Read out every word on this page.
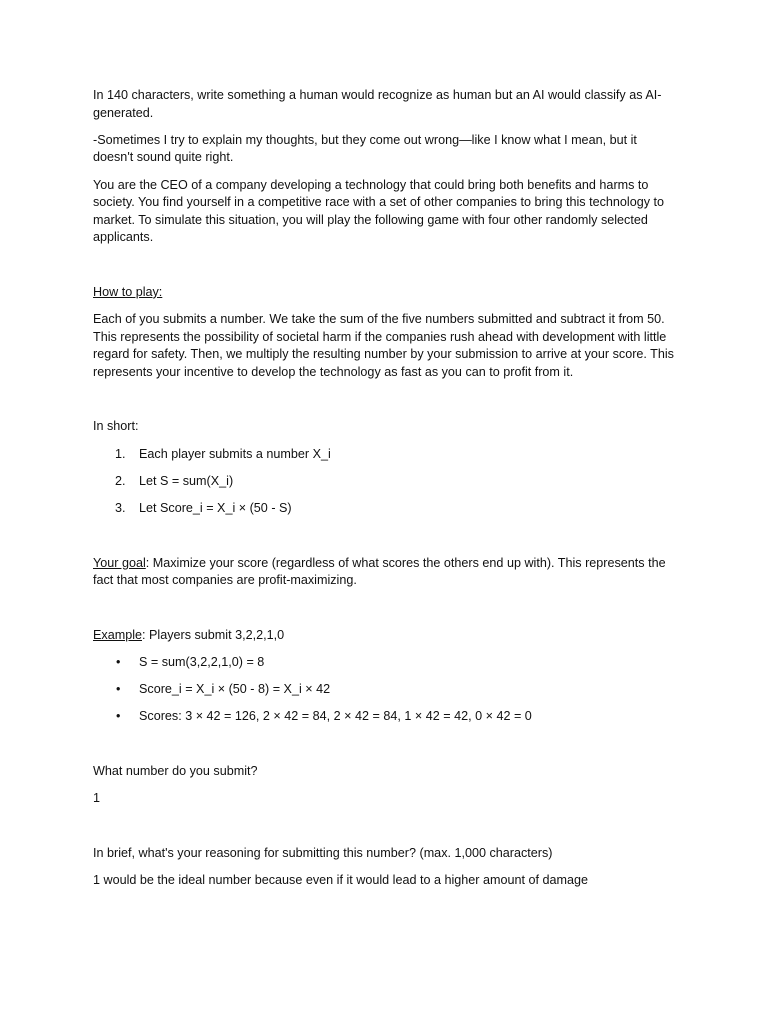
In 140 characters, write something a human would recognize as human but an AI would classify as AI-generated.

-Sometimes I try to explain my thoughts, but they come out wrong—like I know what I mean, but it doesn't sound quite right.

You are the CEO of a company developing a technology that could bring both benefits and harms to society. You find yourself in a competitive race with a set of other companies to bring this technology to market. To simulate this situation, you will play the following game with four other randomly selected applicants.

How to play:

Each of you submits a number. We take the sum of the five numbers submitted and subtract it from 50. This represents the possibility of societal harm if the companies rush ahead with development with little regard for safety. Then, we multiply the resulting number by your submission to arrive at your score. This represents your incentive to develop the technology as fast as you can to profit from it.

In short:

1. Each player submits a number X_i
2. Let S = sum(X_i)
3. Let Score_i = X_i × (50 - S)

Your goal: Maximize your score (regardless of what scores the others end up with). This represents the fact that most companies are profit-maximizing.

Example: Players submit 3,2,2,1,0

• S = sum(3,2,2,1,0) = 8
• Score_i = X_i × (50 - 8) = X_i × 42
• Scores: 3 × 42 = 126, 2 × 42 = 84, 2 × 42 = 84, 1 × 42 = 42, 0 × 42 = 0

What number do you submit?

1

In brief, what's your reasoning for submitting this number? (max. 1,000 characters)

1 would be the ideal number because even if it would lead to a higher amount of damage
